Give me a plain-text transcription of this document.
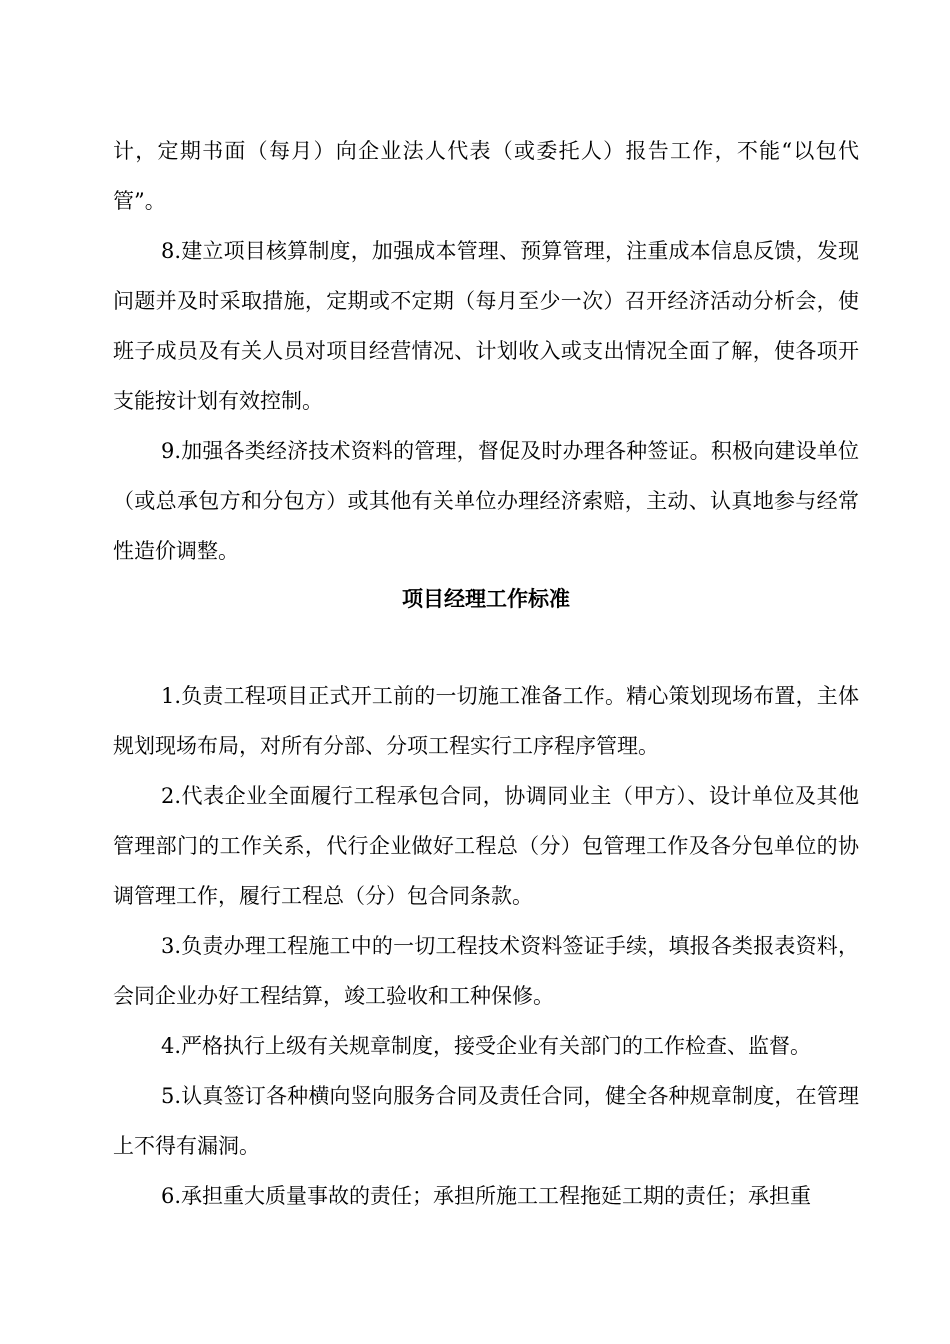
计，定期书面（每月）向企业法人代表（或委托人）报告工作，不能“以包代管”。

8.建立项目核算制度，加强成本管理、预算管理，注重成本信息反馈，发现问题并及时采取措施，定期或不定期（每月至少一次）召开经济活动分析会，使班子成员及有关人员对项目经营情况、计划收入或支出情况全面了解，使各项开支能按计划有效控制。

9.加强各类经济技术资料的管理，督促及时办理各种签证。积极向建设单位（或总承包方和分包方）或其他有关单位办理经济索赔，主动、认真地参与经常性造价调整。

项目经理工作标准

1.负责工程项目正式开工前的一切施工准备工作。精心策划现场布置，主体规划现场布局，对所有分部、分项工程实行工序程序管理。

2.代表企业全面履行工程承包合同，协调同业主（甲方）、设计单位及其他管理部门的工作关系，代行企业做好工程总（分）包管理工作及各分包单位的协调管理工作，履行工程总（分）包合同条款。

3.负责办理工程施工中的一切工程技术资料签证手续，填报各类报表资料，会同企业办好工程结算，竣工验收和工种保修。

4.严格执行上级有关规章制度，接受企业有关部门的工作检查、监督。

5.认真签订各种横向竖向服务合同及责任合同，健全各种规章制度，在管理上不得有漏洞。

6.承担重大质量事故的责任；承担所施工工程拖延工期的责任；承担重
